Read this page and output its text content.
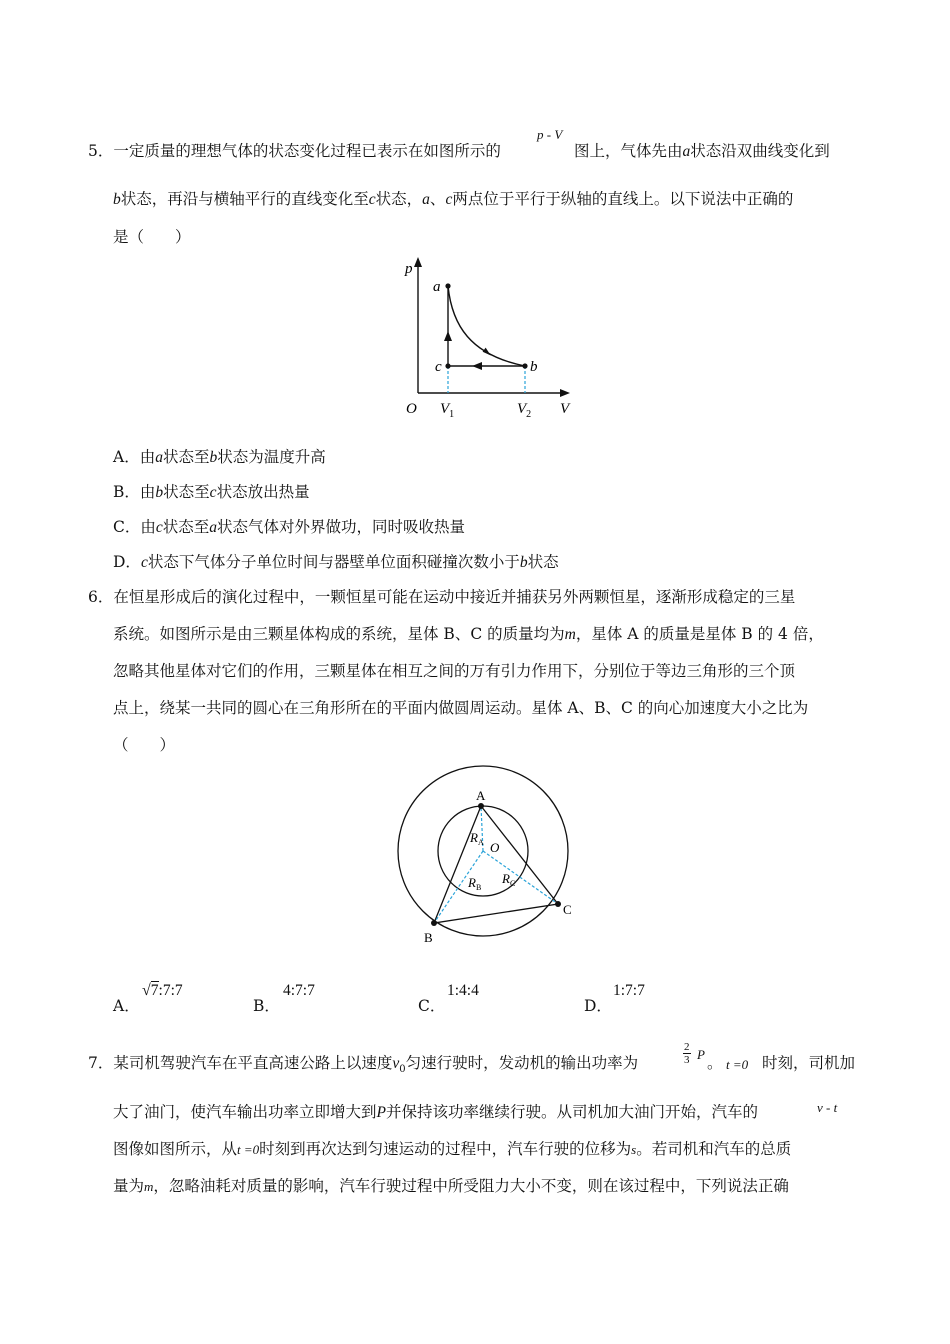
5．一定质量的理想气体的状态变化过程已表示在如图所示的
p - V
图上，气体先由a状态沿双曲线变化到
b状态，再沿与横轴平行的直线变化至c状态，a、c两点位于平行于纵轴的直线上。以下说法中正确的
是（　　）
p
V
O
a
b
c
$V_1$	$V_2$
A．由a状态至b状态为温度升高
B．由b状态至c状态放出热量
C．由c状态至a状态气体对外界做功，同时吸收热量
D．c状态下气体分子单位时间与器壁单位面积碰撞次数小于b状态
6．在恒星形成后的演化过程中，一颗恒星可能在运动中接近并捕获另外两颗恒星，逐渐形成稳定的三星
系统。如图所示是由三颗星体构成的系统，星体 B、C 的质量均为m，星体 A 的质量是星体 B 的 4 倍，
忽略其他星体对它们的作用，三颗星体在相互之间的万有引力作用下，分别位于等边三角形的三个顶
点上，绕某一共同的圆心在三角形所在的平面内做圆周运动。星体 A、B、C 的向心加速度大小之比为
（　　）
A
B
C
O
$R_A$
$R_B$
$R_C$
A．
√7:7:7
B．
4:7:7
C．
1:4:4
D．
1:7:7
7．某司机驾驶汽车在平直高速公路上以速度$v_0$匀速行驶时，发动机的输出功率为	$\frac{2}{3}$ P 。 t =0 时刻，司机加
大了油门，使汽车输出功率立即增大到P并保持该功率继续行驶。从司机加大油门开始，汽车的	v - t
图像如图所示，从t =0时刻到再次达到匀速运动的过程中，汽车行驶的位移为s。若司机和汽车的总质
量为m，忽略油耗对质量的影响，汽车行驶过程中所受阻力大小不变，则在该过程中，下列说法正确
